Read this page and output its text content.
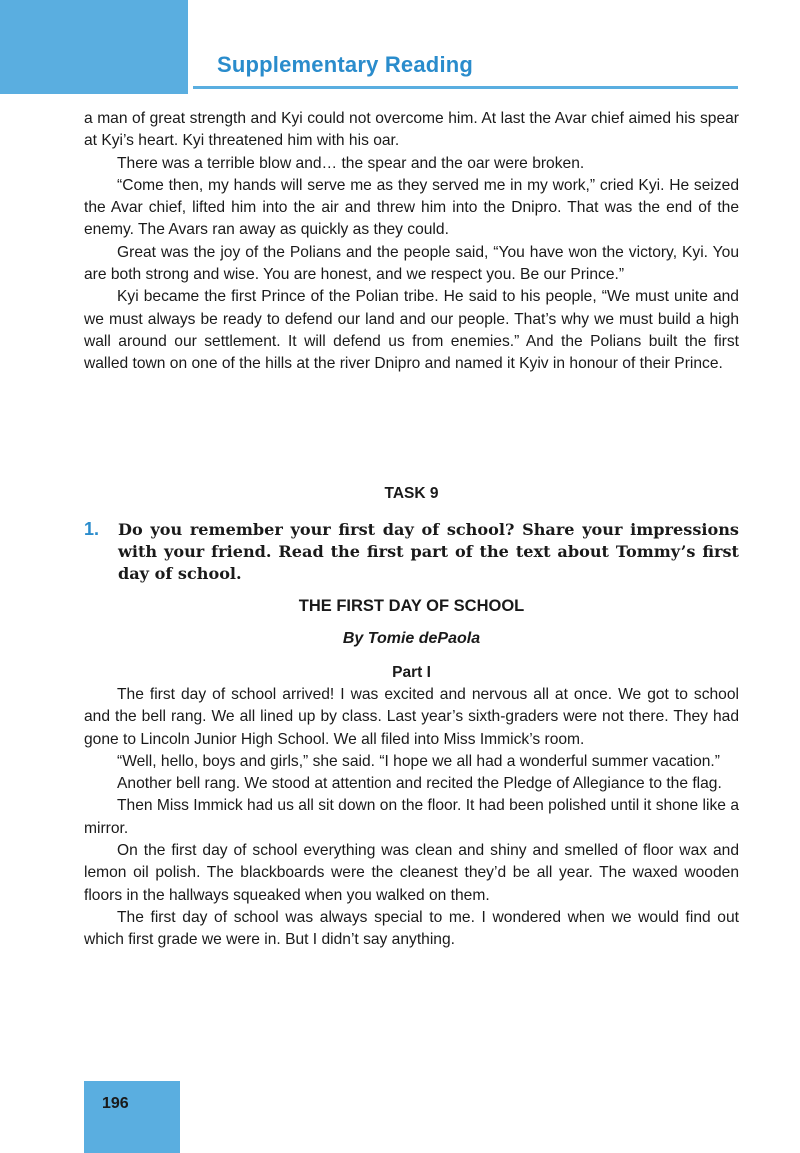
Supplementary Reading

a man of great strength and Kyi could not overcome him. At last the Avar chief aimed his spear at Kyi’s heart. Kyi threatened him with his oar.

There was a terrible blow and… the spear and the oar were broken.

“Come then, my hands will serve me as they served me in my work,” cried Kyi. He seized the Avar chief, lifted him into the air and threw him into the Dnipro. That was the end of the enemy. The Avars ran away as quickly as they could.

Great was the joy of the Polians and the people said, “You have won the victory, Kyi. You are both strong and wise. You are honest, and we respect you. Be our Prince.”

Kyi became the first Prince of the Polian tribe. He said to his people, “We must unite and we must always be ready to defend our land and our people. That’s why we must build a high wall around our settlement. It will defend us from enemies.” And the Polians built the first walled town on one of the hills at the river Dnipro and named it Kyiv in honour of their Prince.

TASK 9
1. Do you remember your first day of school? Share your impressions with your friend. Read the first part of the text about Tommy’s first day of school.
THE FIRST DAY OF SCHOOL
By Tomie dePaola
Part I

The first day of school arrived! I was excited and nervous all at once. We got to school and the bell rang. We all lined up by class. Last year’s sixth-graders were not there. They had gone to Lincoln Junior High School. We all filed into Miss Immick’s room.

“Well, hello, boys and girls,” she said. “I hope we all had a wonderful summer vacation.”

Another bell rang. We stood at attention and recited the Pledge of Allegiance to the flag.

Then Miss Immick had us all sit down on the floor. It had been polished until it shone like a mirror.

On the first day of school everything was clean and shiny and smelled of floor wax and lemon oil polish. The blackboards were the cleanest they’d be all year. The waxed wooden floors in the hallways squeaked when you walked on them.

The first day of school was always special to me. I wondered when we would find out which first grade we were in. But I didn’t say anything.

196
